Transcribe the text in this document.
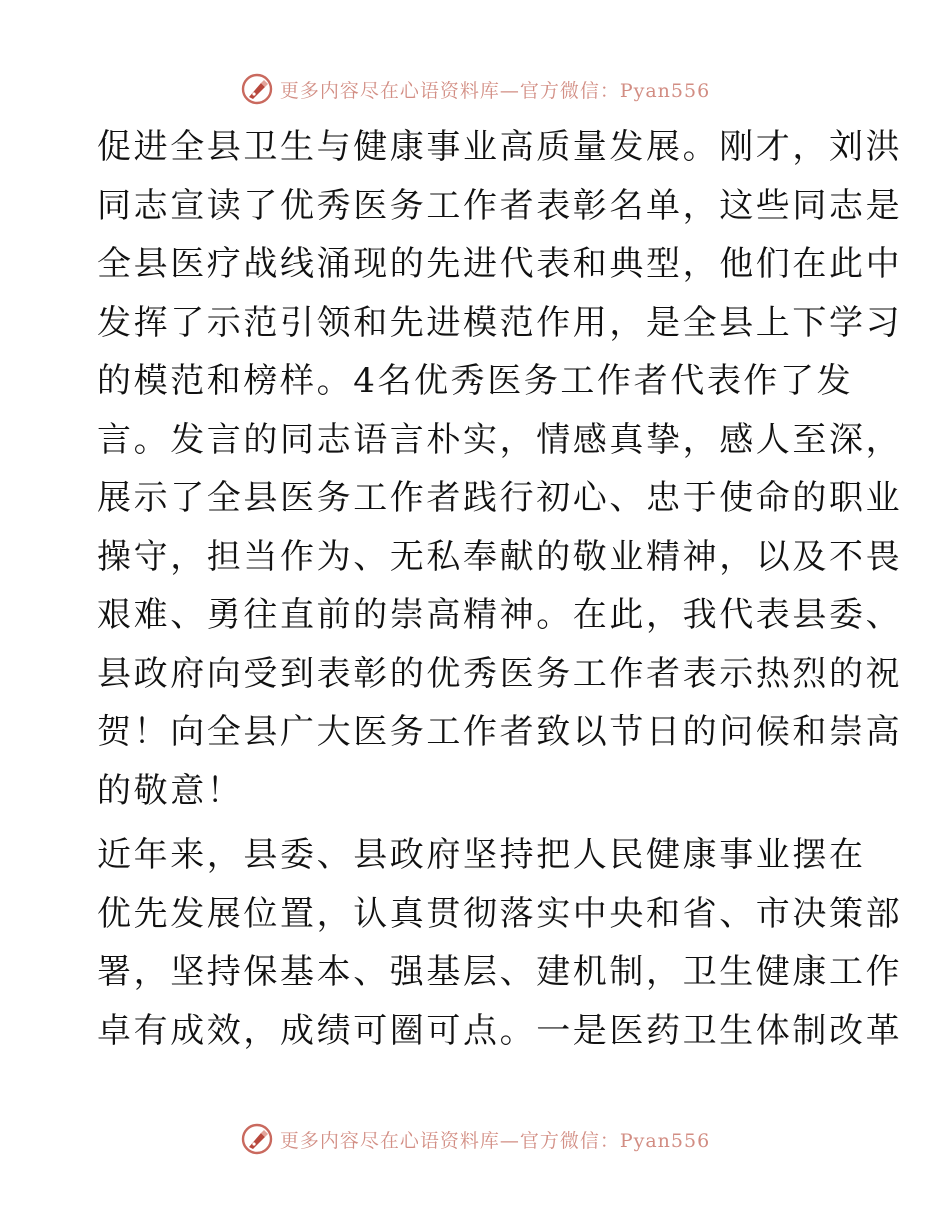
更多内容尽在心语资料库—官方微信：Pyan556

促进全县卫生与健康事业高质量发展。刚才，刘洪
同志宣读了优秀医务工作者表彰名单，这些同志是
全县医疗战线涌现的先进代表和典型，他们在此中
发挥了示范引领和先进模范作用，是全县上下学习
的模范和榜样。4名优秀医务工作者代表作了发
言。发言的同志语言朴实，情感真挚，感人至深，
展示了全县医务工作者践行初心、忠于使命的职业
操守，担当作为、无私奉献的敬业精神，以及不畏
艰难、勇往直前的崇高精神。在此，我代表县委、
县政府向受到表彰的优秀医务工作者表示热烈的祝
贺！向全县广大医务工作者致以节日的问候和崇高
的敬意！

近年来，县委、县政府坚持把人民健康事业摆在
优先发展位置，认真贯彻落实中央和省、市决策部
署，坚持保基本、强基层、建机制，卫生健康工作
卓有成效，成绩可圈可点。一是医药卫生体制改革

更多内容尽在心语资料库—官方微信：Pyan556
